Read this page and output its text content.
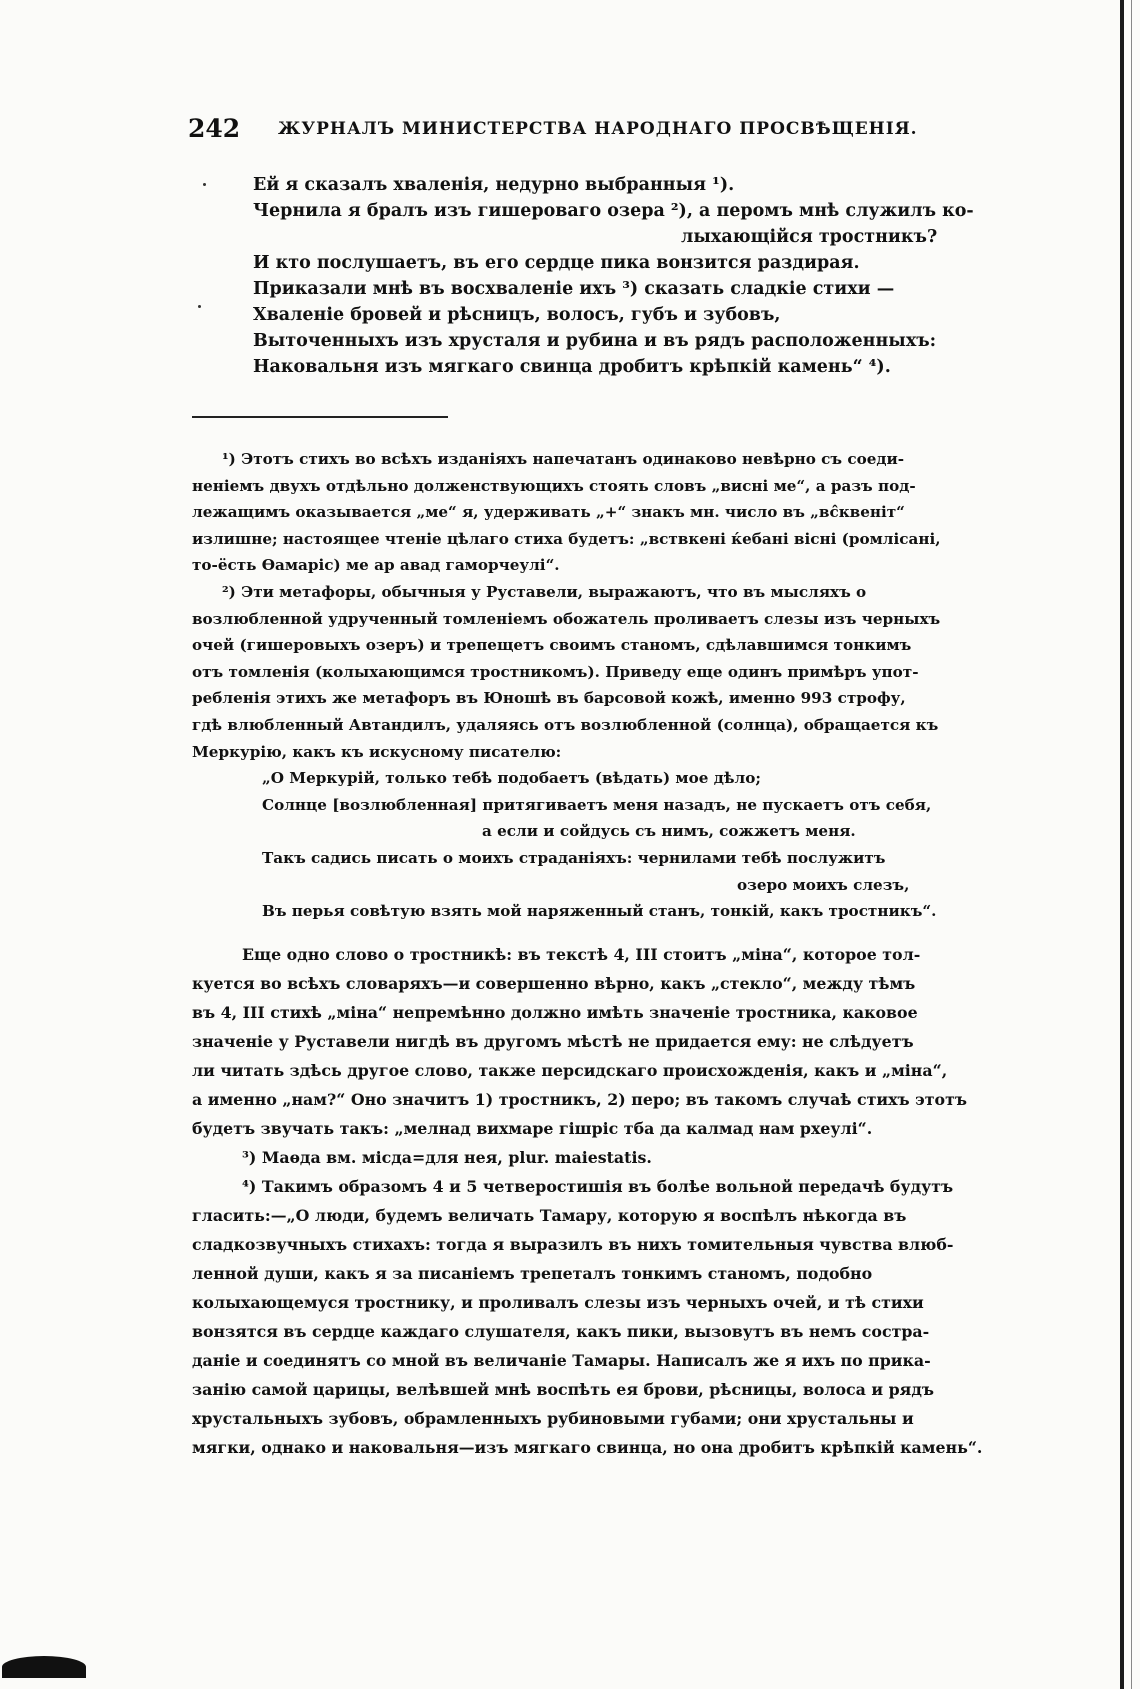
242 ЖУРНАЛЪ МИНИСТЕРСТВА НАРОДНАГО ПРОСВѢЩЕНІЯ.
Ей я сказалъ хваленія, недурно выбранныя ¹).
Чернила я бралъ изъ гишероваго озера ²), а перомъ мнѣ служилъ ко-
лыхающійся тростникъ?
И кто послушаетъ, въ его сердце пика вонзится раздирая.
Приказали мнѣ въ восхваленіе ихъ ³) сказать сладкіе стихи —
Хваленіе бровей и рѣсницъ, волосъ, губъ и зубовъ,
Выточенныхъ изъ хрусталя и рубина и въ рядъ расположенныхъ:
Наковальня изъ мягкаго свинца дробитъ крѣпкій камень“ ⁴).
¹) Этотъ стихъ во всѣхъ изданіяхъ напечатанъ одинаково невѣрно съ соеди-
неніемъ двухъ отдѣльно долженствующихъ стоять словъ „висні ме“, а разъ под-
лежащимъ оказывается „ме“ я, удерживать „+“ знакъ мн. число въ „вс̂квеніт“
излишне; настоящее чтеніе цѣлаго стиха будетъ: „вствкені ќебані вісні (ромлісані,
то-ёсть Ѳамаріс) ме ар авад гаморчеулі“.
²) Эти метафоры, обычныя у Руставели, выражаютъ, что въ мысляхъ о
возлюбленной удрученный томленіемъ обожатель проливаетъ слезы изъ черныхъ
очей (гишеровыхъ озеръ) и трепещетъ своимъ станомъ, сдѣлавшимся тонкимъ
отъ томленія (колыхающимся тростникомъ). Приведу еще одинъ примѣръ упот-
ребленія этихъ же метафоръ въ Юношѣ въ барсовой кожѣ, именно 993 строфу,
гдѣ влюбленный Автандилъ, удаляясь отъ возлюбленной (солнца), обращается къ
Меркурію, какъ къ искусному писателю:
„О Меркурій, только тебѣ подобаетъ (вѣдать) мое дѣло;
Солнце [возлюбленная] притягиваетъ меня назадъ, не пускаетъ отъ себя,
а если и сойдусь съ нимъ, сожжетъ меня.
Такъ садись писать о моихъ страданіяхъ: чернилами тебѣ послужитъ
озеро моихъ слезъ,
Въ перья совѣтую взять мой наряженный станъ, тонкій, какъ тростникъ“.
Еще одно слово о тростникѣ: въ текстѣ 4, III стоитъ „міна“, которое тол-
куется во всѣхъ словаряхъ—и совершенно вѣрно, какъ „стекло“, между тѣмъ
въ 4, III стихѣ „міна“ непремѣнно должно имѣть значеніе тростника, каковое
значеніе у Руставели нигдѣ въ другомъ мѣстѣ не придается ему: не слѣдуетъ
ли читать здѣсь другое слово, также персидскаго происхожденія, какъ и „міна“,
а именно „нам?“ Оно значитъ 1) тростникъ, 2) перо; въ такомъ случаѣ стихъ этотъ
будетъ звучать такъ: „мелнад вихмаре гішріс тба да калмад нам рхеулі“.
³) Маѳда вм. місда=для нея, plur. maiestatis.
⁴) Такимъ образомъ 4 и 5 четверостишія въ болѣе вольной передачѣ будутъ
гласить:—„О люди, будемъ величать Тамару, которую я воспѣлъ нѣкогда въ
сладкозвучныхъ стихахъ: тогда я выразилъ въ нихъ томительныя чувства влюб-
ленной души, какъ я за писаніемъ трепеталъ тонкимъ станомъ, подобно
колыхающемуся тростнику, и проливалъ слезы изъ черныхъ очей, и тѣ стихи
вонзятся въ сердце каждаго слушателя, какъ пики, вызовутъ въ немъ состра-
даніе и соединятъ со мной въ величаніе Тамары. Написалъ же я ихъ по прика-
занію самой царицы, велѣвшей мнѣ воспѣть ея брови, рѣсницы, волоса и рядъ
хрустальныхъ зубовъ, обрамленныхъ рубиновыми губами; они хрустальны и
мягки, однако и наковальня—изъ мягкаго свинца, но она дробитъ крѣпкій камень“.
